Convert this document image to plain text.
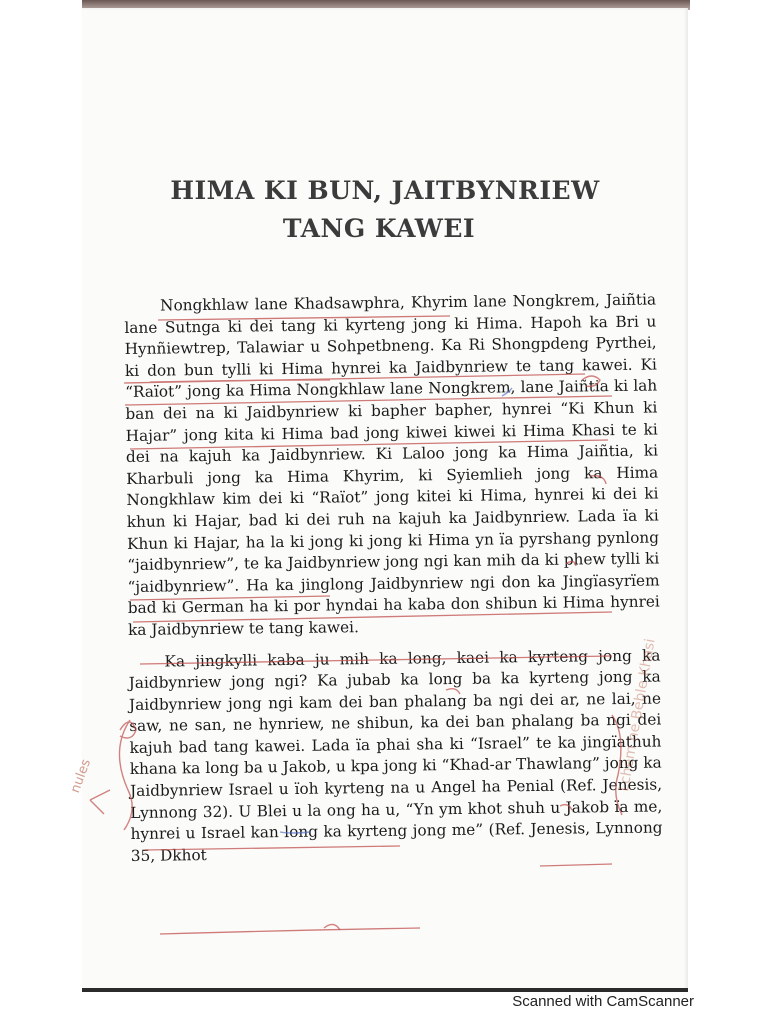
HIMA KI BUN, JAITBYNRIEW
TANG KAWEI

Nongkhlaw lane Khadsawphra, Khyrim lane Nongkrem, Jaiñtia lane Sutnga ki dei tang ki kyrteng jong ki Hima. Hapoh ka Bri u Hynñiewtrep, Talawiar u Sohpetbneng. Ka Ri Shongpdeng Pyrthei, ki don bun tylli ki Hima hynrei ka Jaidbynriew te tang kawei. Ki “Raïot” jong ka Hima Nongkhlaw lane Nongkrem, lane Jaiñtia ki lah ban dei na ki Jaidbynriew ki bapher bapher, hynrei “Ki Khun ki Hajar” jong kita ki Hima bad jong kiwei kiwei ki Hima Khasi te ki dei na kajuh ka Jaidbynriew. Ki Laloo jong ka Hima Jaiñtia, ki Kharbuli jong ka Hima Khyrim, ki Syiemlieh jong ka Hima Nongkhlaw kim dei ki “Raïot” jong kitei ki Hima, hynrei ki dei ki khun ki Hajar, bad ki dei ruh na kajuh ka Jaidbynriew. Lada ïa ki Khun ki Hajar, ha la ki jong ki jong ki Hima yn ïa pyrshang pynlong “jaidbynriew”, te ka Jaidbynriew jong ngi kan mih da ki phew tylli ki “jaidbynriew”. Ha ka jinglong Jaidbynriew ngi don ka Jingïasyrïem bad ki German ha ki por hyndai ha kaba don shibun ki Hima hynrei ka Jaidbynriew te tang kawei.

Ka jingkylli kaba ju mih ka long, kaei ka kyrteng jong ka Jaidbynriew jong ngi? Ka jubab ka long ba ka kyrteng jong ka Jaidbynriew jong ngi kam dei ban phalang ba ngi dei ar, ne lai, ne saw, ne san, ne hynriew, ne shibun, ka dei ban phalang ba ngi dei kajuh bad tang kawei. Lada ïa phai sha ki “Israel” te ka jingïathuh khana ka long ba u Jakob, u kpa jong ki “Khad-ar Thawlang” jong ka Jaidbynriew Israel u ïoh kyrteng na u Angel ha Penial (Ref. Jenesis, Lynnong 32). U Blei u la ong ha u, “Yn ym khot shuh u Jakob ïa me, hynrei u Israel kan long ka kyrteng jong me” (Ref. Jenesis, Lynnong 35, Dkhot

nules	Lchem ne Beble Khasi
Scanned with CamScanner
